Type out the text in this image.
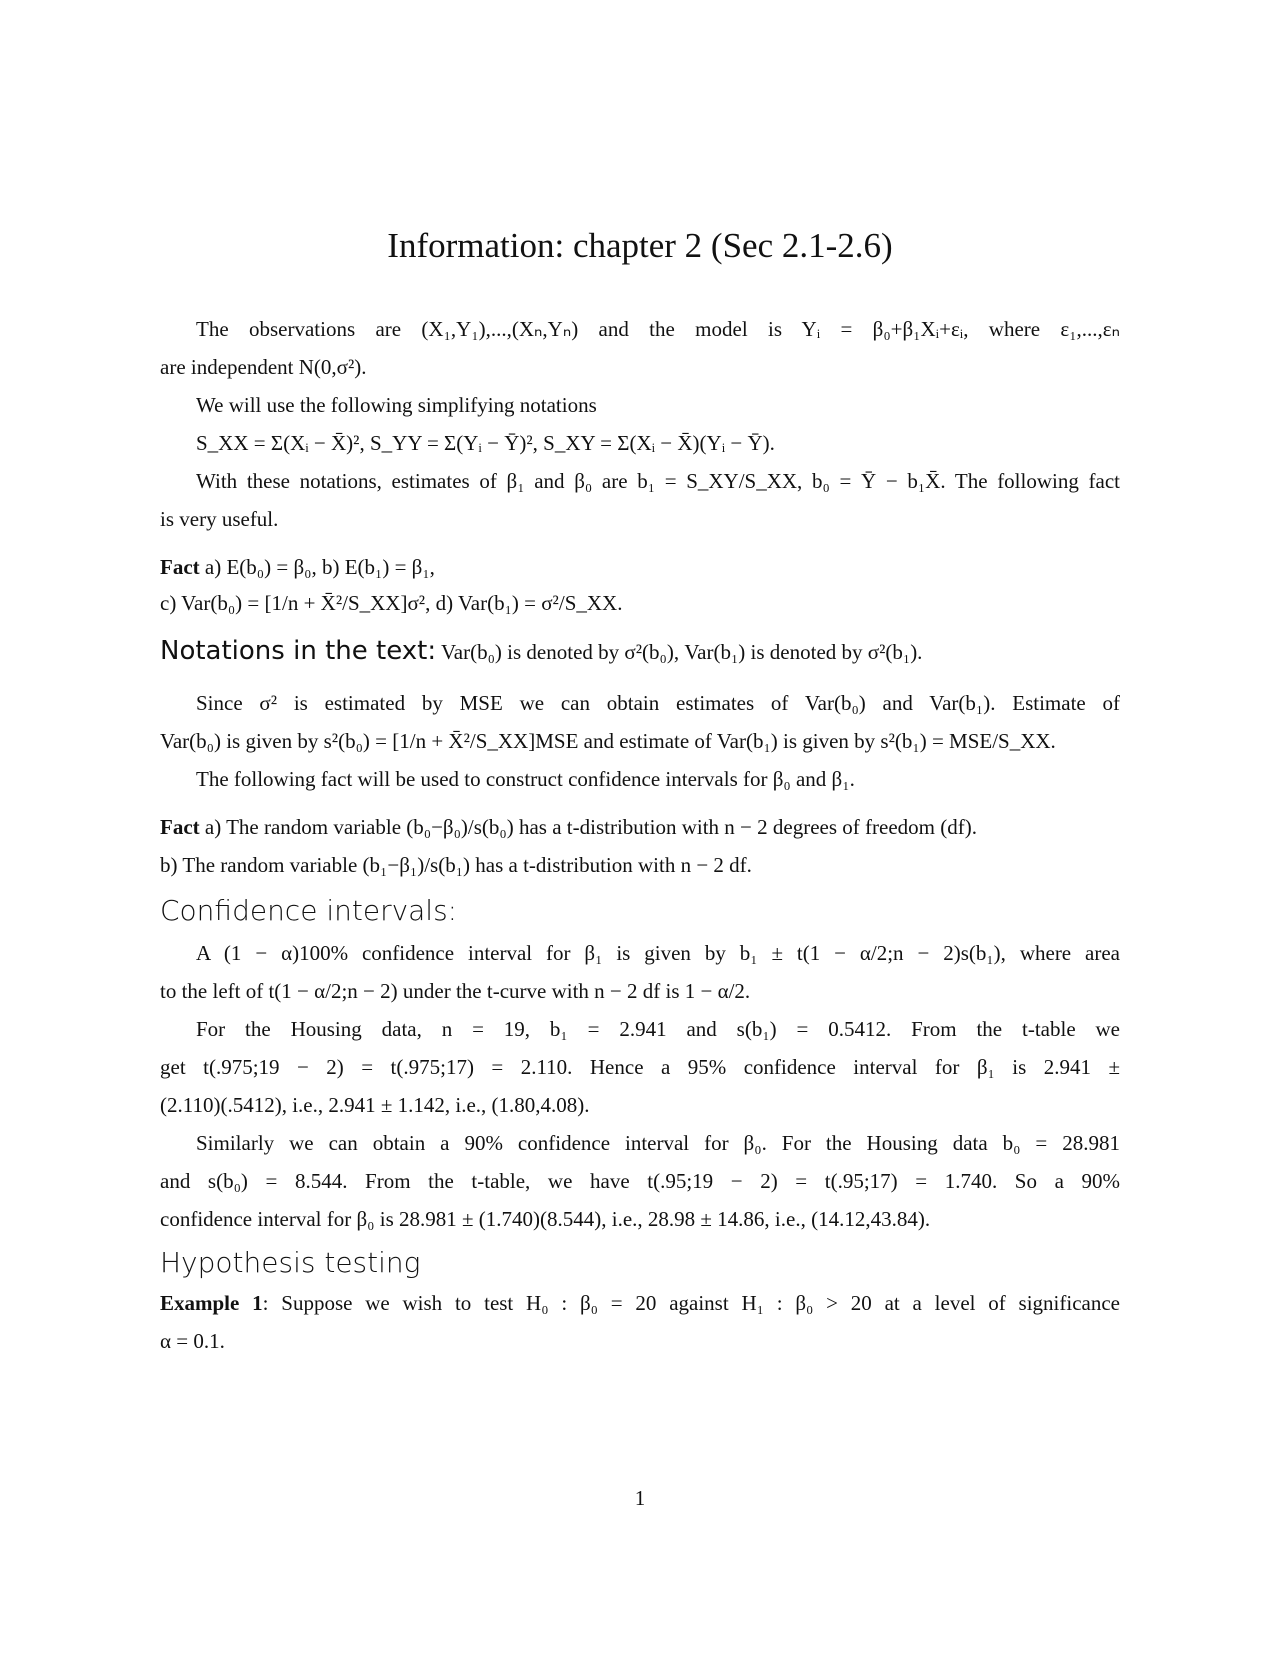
Information: chapter 2 (Sec 2.1-2.6)
The observations are (X₁,Y₁),...,(Xₙ,Yₙ) and the model is Yᵢ = β₀+β₁Xᵢ+εᵢ, where ε₁,...,εₙ
are independent N(0,σ²).
We will use the following simplifying notations
S_XX = Σ(Xᵢ − X̄)², S_YY = Σ(Yᵢ − Ȳ)², S_XY = Σ(Xᵢ − X̄)(Yᵢ − Ȳ).
With these notations, estimates of β₁ and β₀ are b₁ = S_XY/S_XX, b₀ = Ȳ − b₁X̄. The following fact
is very useful.
Fact a) E(b₀) = β₀, b) E(b₁) = β₁,
c) Var(b₀) = [1/n + X̄²/S_XX]σ², d) Var(b₁) = σ²/S_XX.
Notations in the text: Var(b₀) is denoted by σ²(b₀), Var(b₁) is denoted by σ²(b₁).
Since σ² is estimated by MSE we can obtain estimates of Var(b₀) and Var(b₁). Estimate of
Var(b₀) is given by s²(b₀) = [1/n + X̄²/S_XX]MSE and estimate of Var(b₁) is given by s²(b₁) = MSE/S_XX.
The following fact will be used to construct confidence intervals for β₀ and β₁.
Fact a) The random variable (b₀−β₀)/s(b₀) has a t-distribution with n − 2 degrees of freedom (df).
b) The random variable (b₁−β₁)/s(b₁) has a t-distribution with n − 2 df.
Confidence intervals:
A (1 − α)100% confidence interval for β₁ is given by b₁ ± t(1 − α/2;n − 2)s(b₁), where area
to the left of t(1 − α/2;n − 2) under the t-curve with n − 2 df is 1 − α/2.
For the Housing data, n = 19, b₁ = 2.941 and s(b₁) = 0.5412. From the t-table we
get t(.975;19 − 2) = t(.975;17) = 2.110. Hence a 95% confidence interval for β₁ is 2.941 ±
(2.110)(.5412), i.e., 2.941 ± 1.142, i.e., (1.80,4.08).
Similarly we can obtain a 90% confidence interval for β₀. For the Housing data b₀ = 28.981
and s(b₀) = 8.544. From the t-table, we have t(.95;19 − 2) = t(.95;17) = 1.740. So a 90%
confidence interval for β₀ is 28.981 ± (1.740)(8.544), i.e., 28.98 ± 14.86, i.e., (14.12,43.84).
Hypothesis testing
Example 1: Suppose we wish to test H₀ : β₀ = 20 against H₁ : β₀ > 20 at a level of significance
α = 0.1.
1
